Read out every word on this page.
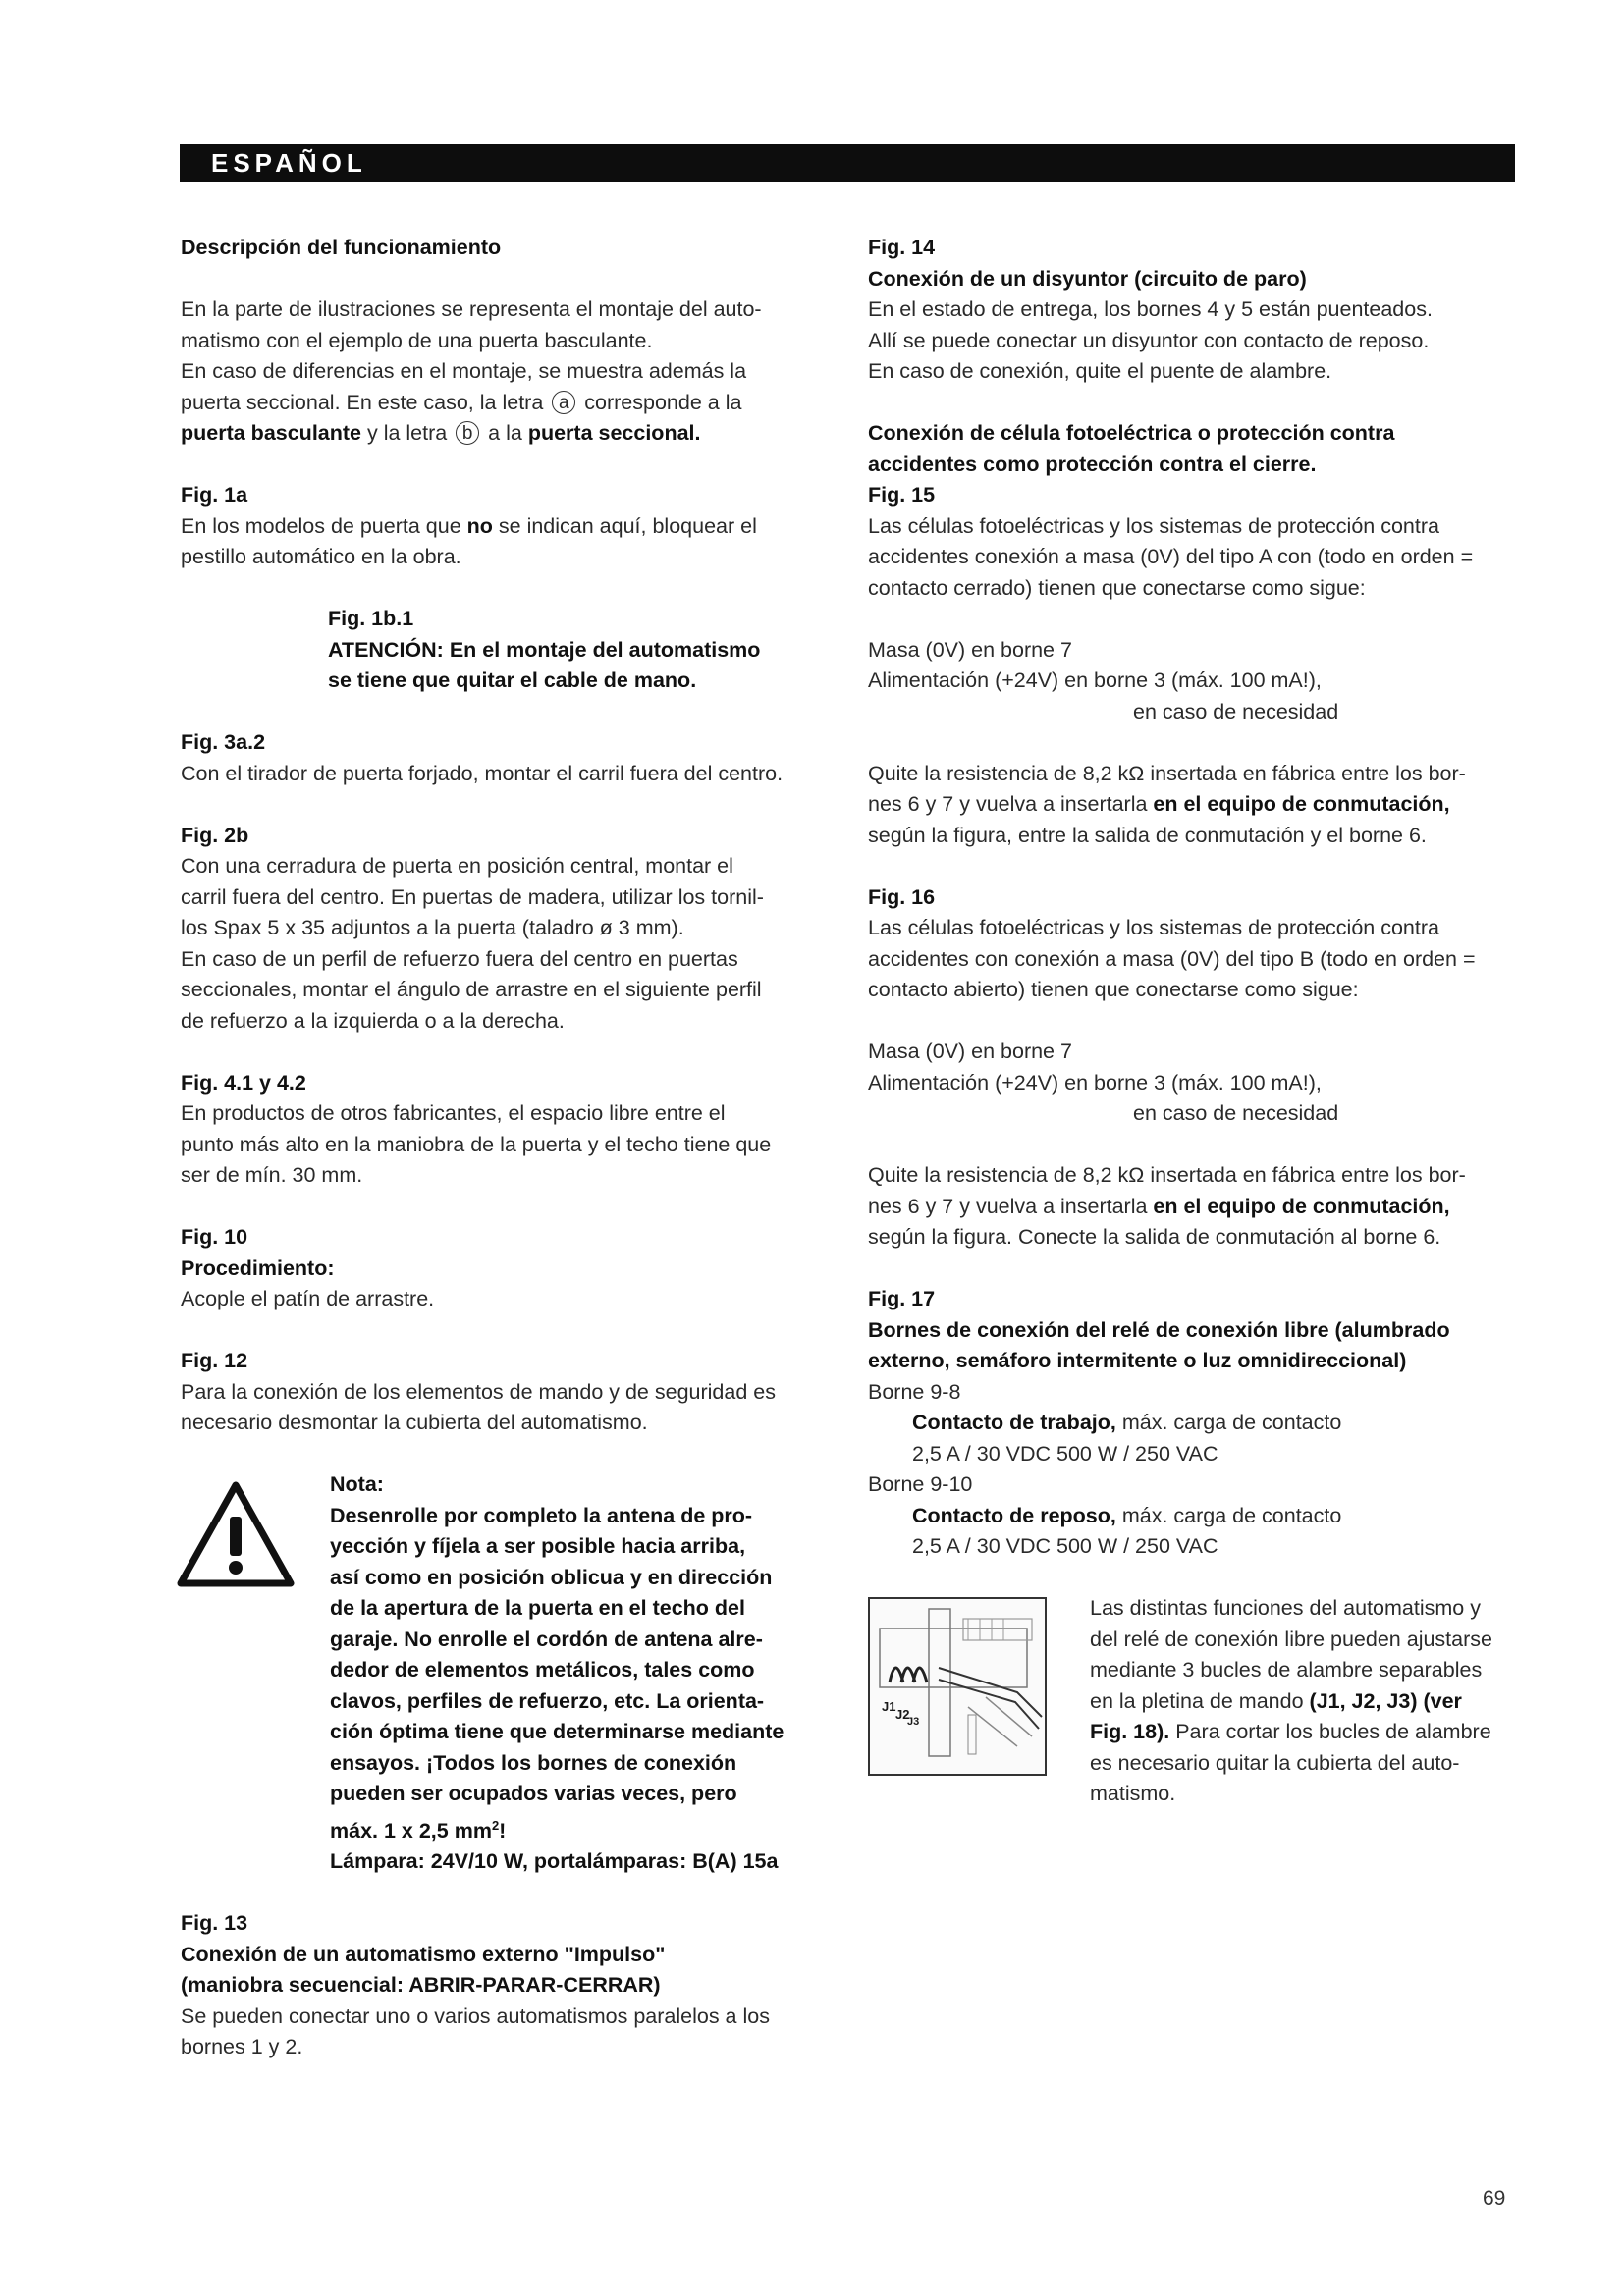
ESPAÑOL

Descripción del funcionamiento

En la parte de ilustraciones se representa el montaje del auto-

matismo con el ejemplo de una puerta basculante.

En caso de diferencias en el montaje, se muestra además la

puerta seccional. En este caso, la letra a corresponde a la

puerta basculante y la letra b a la puerta seccional.

Fig. 1a

En los modelos de puerta que no se indican aquí, bloquear el

pestillo automático en la obra.

Fig. 1b.1

ATENCIÓN: En el montaje del automatismo

se tiene que quitar el cable de mano.

Fig. 3a.2

Con el tirador de puerta forjado, montar el carril fuera del centro.

Fig. 2b

Con una cerradura de puerta en posición central, montar el

carril fuera del centro. En puertas de madera, utilizar los tornil-

los Spax 5 x 35 adjuntos a la puerta (taladro ø 3 mm).

En caso de un perfil de refuerzo fuera del centro en puertas

seccionales, montar el ángulo de arrastre en el siguiente perfil

de refuerzo a la izquierda o a la derecha.

Fig. 4.1 y 4.2

En productos de otros fabricantes, el espacio libre entre el

punto más alto en la maniobra de la puerta y el techo tiene que

ser de mín. 30 mm.

Fig. 10

Procedimiento:

Acople el patín de arrastre.

Fig. 12

Para la conexión de los elementos de mando y de seguridad es

necesario desmontar la cubierta del automatismo.

Nota:

Desenrolle por completo la antena de pro-

yección y fíjela a ser posible hacia arriba,

así como en posición oblicua y en dirección

de la apertura de la puerta en el techo del

garaje. No enrolle el cordón de antena alre-

dedor de elementos metálicos, tales como

clavos, perfiles de refuerzo, etc. La orienta-

ción óptima tiene que determinarse mediante

ensayos. ¡Todos los bornes de conexión

pueden ser ocupados varias veces, pero

máx. 1 x 2,5 $mm^2$!

Lámpara: 24V/10 W, portalámparas: B(A) 15a

Fig. 13

Conexión de un automatismo externo "Impulso"

(maniobra secuencial: ABRIR-PARAR-CERRAR)

Se pueden conectar uno o varios automatismos paralelos a los

bornes 1 y 2.

Fig. 14

Conexión de un disyuntor (circuito de paro)

En el estado de entrega, los bornes 4 y 5 están puenteados.

Allí se puede conectar un disyuntor con contacto de reposo.

En caso de conexión, quite el puente de alambre.

Conexión de célula fotoeléctrica o protección contra

accidentes como protección contra el cierre.

Fig. 15

Las células fotoeléctricas y los sistemas de protección contra

accidentes conexión a masa (0V) del tipo A con (todo en orden =

contacto cerrado) tienen que conectarse como sigue:

Masa (0V) en borne 7

Alimentación (+24V) en borne 3 (máx. 100 mA!),

en caso de necesidad

Quite la resistencia de 8,2 kΩ insertada en fábrica entre los bor-

nes 6 y 7 y vuelva a insertarla en el equipo de conmutación,

según la figura, entre la salida de conmutación y el borne 6.

Fig. 16

Las células fotoeléctricas y los sistemas de protección contra

accidentes con conexión a masa (0V) del tipo B (todo en orden =

contacto abierto) tienen que conectarse como sigue:

Masa (0V) en borne 7

Alimentación (+24V) en borne 3 (máx. 100 mA!),

en caso de necesidad

Quite la resistencia de 8,2 kΩ insertada en fábrica entre los bor-

nes 6 y 7 y vuelva a insertarla en el equipo de conmutación,

según la figura. Conecte la salida de conmutación al borne 6.

Fig. 17

Bornes de conexión del relé de conexión libre (alumbrado

externo, semáforo intermitente o luz omnidireccional)

Borne 9-8

Contacto de trabajo, máx. carga de contacto

2,5 A / 30 VDC 500 W / 250 VAC

Borne 9-10

Contacto de reposo, máx. carga de contacto

2,5 A / 30 VDC 500 W / 250 VAC

J1
J2
J3

Las distintas funciones del automatismo y

del relé de conexión libre pueden ajustarse

mediante 3 bucles de alambre separables

en la pletina de mando (J1, J2, J3) (ver

Fig. 18). Para cortar los bucles de alambre

es necesario quitar la cubierta del auto-

matismo.

69
